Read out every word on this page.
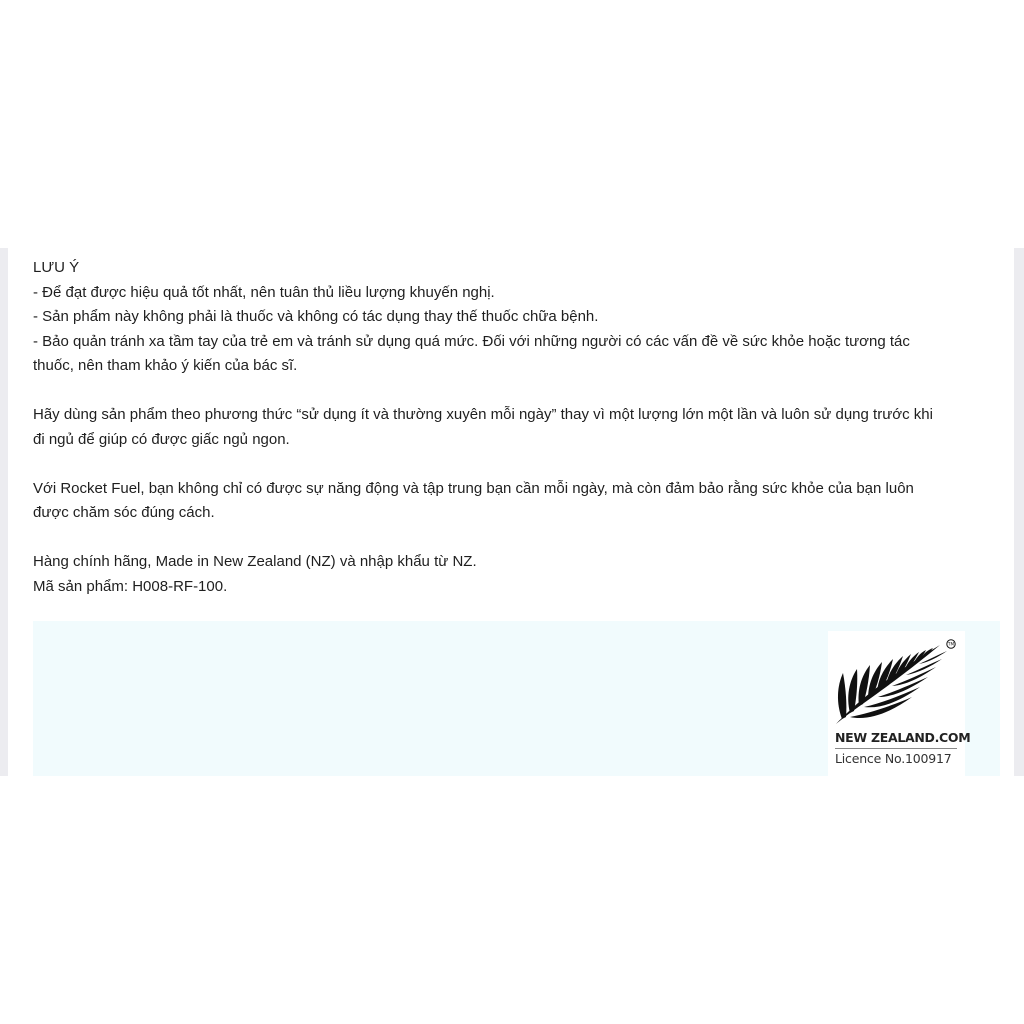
LƯU Ý
- Để đạt được hiệu quả tốt nhất, nên tuân thủ liều lượng khuyến nghị.
- Sản phẩm này không phải là thuốc và không có tác dụng thay thế thuốc chữa bệnh.
- Bảo quản tránh xa tầm tay của trẻ em và tránh sử dụng quá mức. Đối với những người có các vấn đề về sức khỏe hoặc tương tác
thuốc, nên tham khảo ý kiến của bác sĩ.
Hãy dùng sản phẩm theo phương thức “sử dụng ít và thường xuyên mỗi ngày” thay vì một lượng lớn một lần và luôn sử dụng trước khi
đi ngủ để giúp có được giấc ngủ ngon.
Với Rocket Fuel, bạn không chỉ có được sự năng động và tập trung bạn cần mỗi ngày, mà còn đảm bảo rằng sức khỏe của bạn luôn
được chăm sóc đúng cách.
Hàng chính hãng, Made in New Zealand (NZ) và nhập khẩu từ NZ.
Mã sản phẩm: H008-RF-100.
TM
NEW ZEALAND.COM
Licence No.100917
